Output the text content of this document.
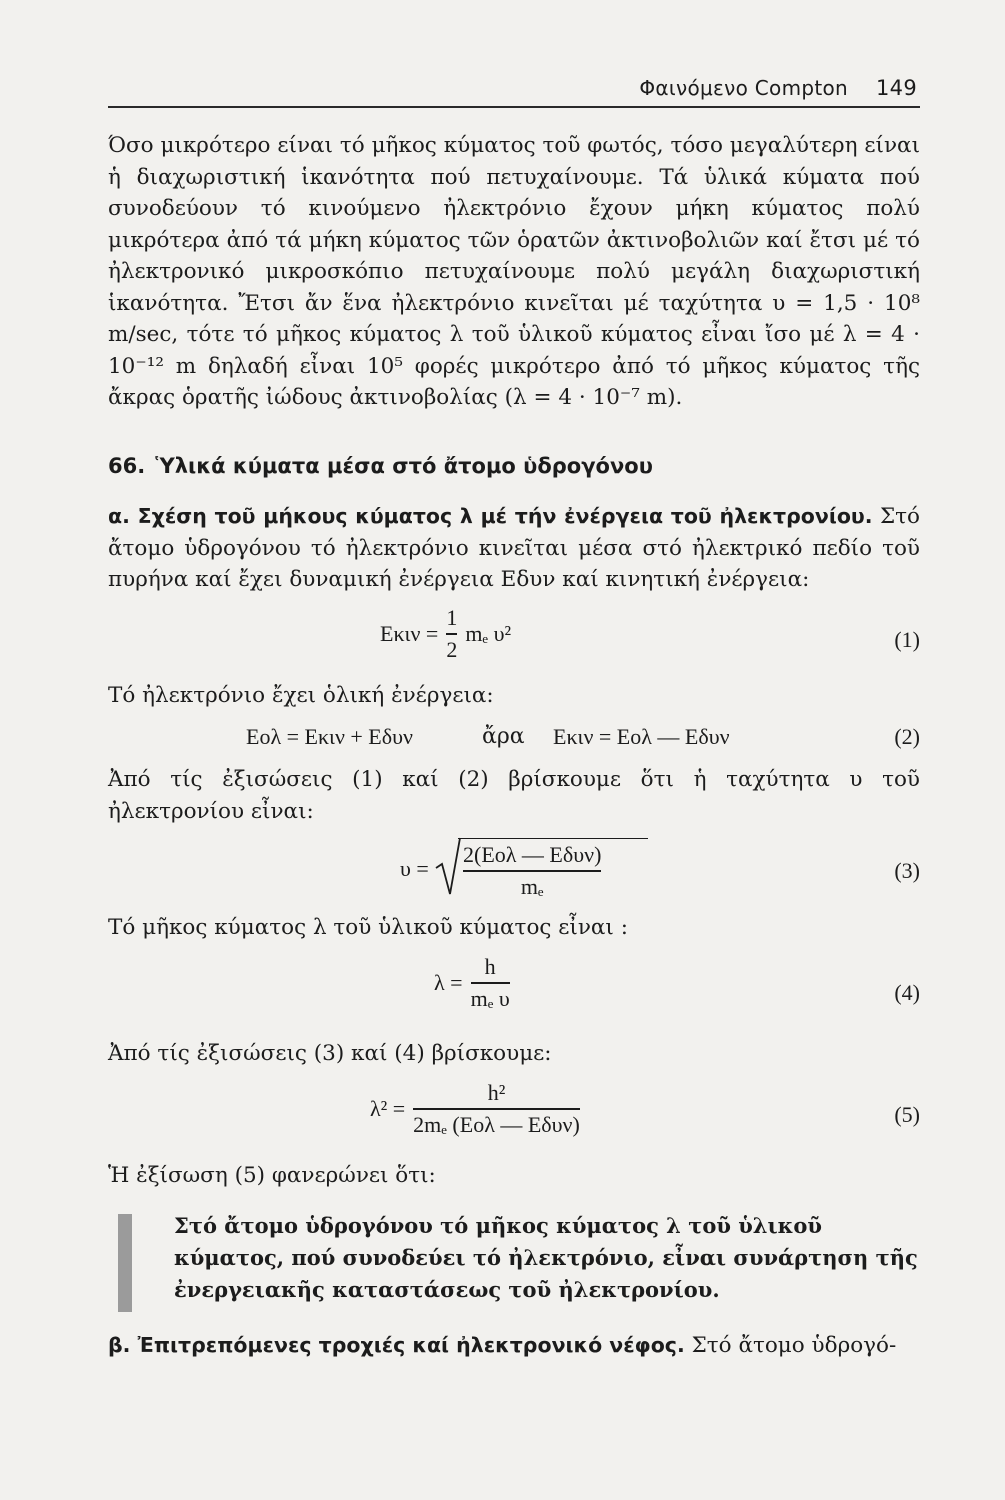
Φαινόμενο Compton 149

Όσο μικρότερο είναι τό μῆκος κύματος τοῦ φωτός, τόσο μεγαλύτερη είναι ἡ διαχωριστική ἱκανότητα πού πετυχαίνουμε. Τά ὑλικά κύματα πού συνοδεύουν τό κινούμενο ἠλεκτρόνιο ἔχουν μήκη κύματος πολύ μικρότερα ἀπό τά μήκη κύματος τῶν ὁρατῶν ἀκτινοβολιῶν καί ἔτσι μέ τό ἠλεκτρονικό μικροσκόπιο πετυχαίνουμε πολύ μεγάλη διαχωριστική ἱκανότητα. Ἔτσι ἄν ἕνα ἠλεκτρόνιο κινεῖται μέ ταχύτητα υ = 1,5 · 10⁸ m/sec, τότε τό μῆκος κύματος λ τοῦ ὑλικοῦ κύματος εἶναι ἴσο μέ λ = 4 · 10⁻¹² m δηλαδή εἶναι 10⁵ φορές μικρότερο ἀπό τό μῆκος κύματος τῆς ἄκρας ὁρατῆς ἰώδους ἀκτινοβολίας (λ = 4 · 10⁻⁷ m).

66. Ὑλικά κύματα μέσα στό ἄτομο ὑδρογόνου

α. Σχέση τοῦ μήκους κύματος λ μέ τήν ἐνέργεια τοῦ ἠλεκτρονίου. Στό ἄτομο ὑδρογόνου τό ἠλεκτρόνιο κινεῖται μέσα στό ἠλεκτρικό πεδίο τοῦ πυρήνα καί ἔχει δυναμική ἐνέργεια Eδυν καί κινητική ἐνέργεια:

$E\kappa\iota\nu = \frac{1}{2}$ mₑ υ²	(1)

Τό ἠλεκτρόνιο ἔχει ὁλική ἐνέργεια:

Eολ = Eκιν + Eδυν	ἄρα Eκιν = Eολ — Eδυν	(2)

Ἀπό τίς ἐξισώσεις (1) καί (2) βρίσκουμε ὅτι ἡ ταχύτητα υ τοῦ ἠλεκτρονίου εἶναι:

υ =
2(Eολ — Eδυν)
mₑ
(3)

Τό μῆκος κύματος λ τοῦ ὑλικοῦ κύματος εἶναι :

$\lambda = \frac{h}{\text{mₑ υ}}$	(4)

Ἀπό τίς ἐξισώσεις (3) καί (4) βρίσκουμε:

$\lambda^2 = \frac{\text{h²}}{\text{2mₑ (Eολ — Eδυν)}}$	(5)

Ἡ ἐξίσωση (5) φανερώνει ὅτι:

Στό ἄτομο ὑδρογόνου τό μῆκος κύματος λ τοῦ ὑλικοῦ κύματος, πού συνοδεύει τό ἠλεκτρόνιο, εἶναι συνάρτηση τῆς ἐνεργειακῆς καταστάσεως τοῦ ἠλεκτρονίου.

β. Ἐπιτρεπόμενες τροχιές καί ἠλεκτρονικό νέφος. Στό ἄτομο ὑδρογό-
